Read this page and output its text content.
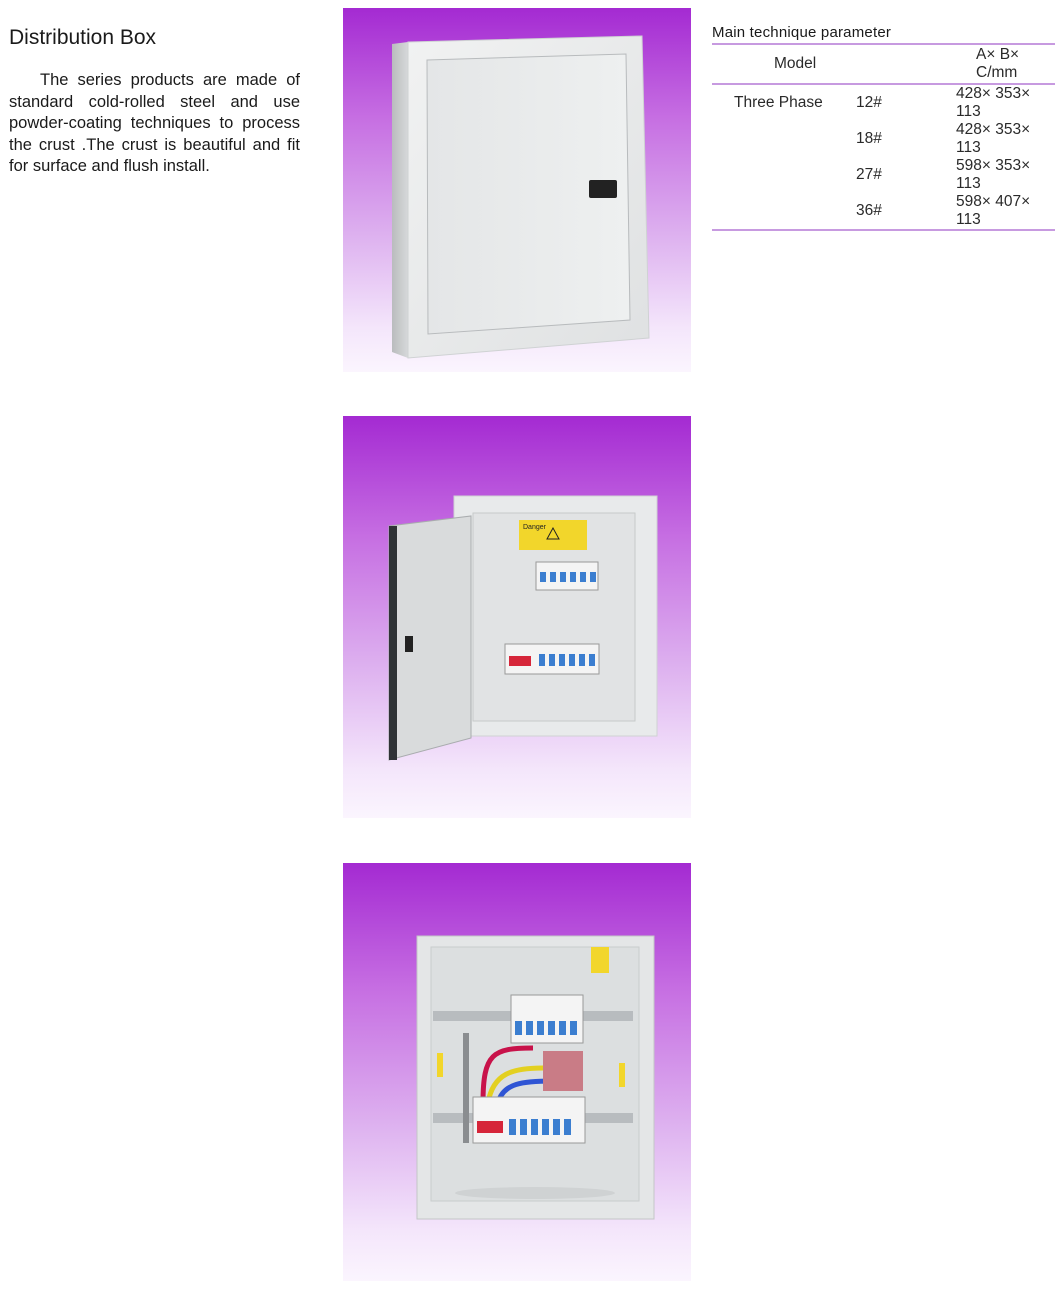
Distribution Box

The series products are made of standard cold-rolled steel and use powder-coating techniques to process the crust .The crust is beautiful and fit for surface and flush install.

Danger

Main technique parameter

Model		A× B× C/mm

Three Phase	12#	428× 353× 113
	18#	428× 353× 113
	27#	598× 353× 113
	36#	598× 407× 113
